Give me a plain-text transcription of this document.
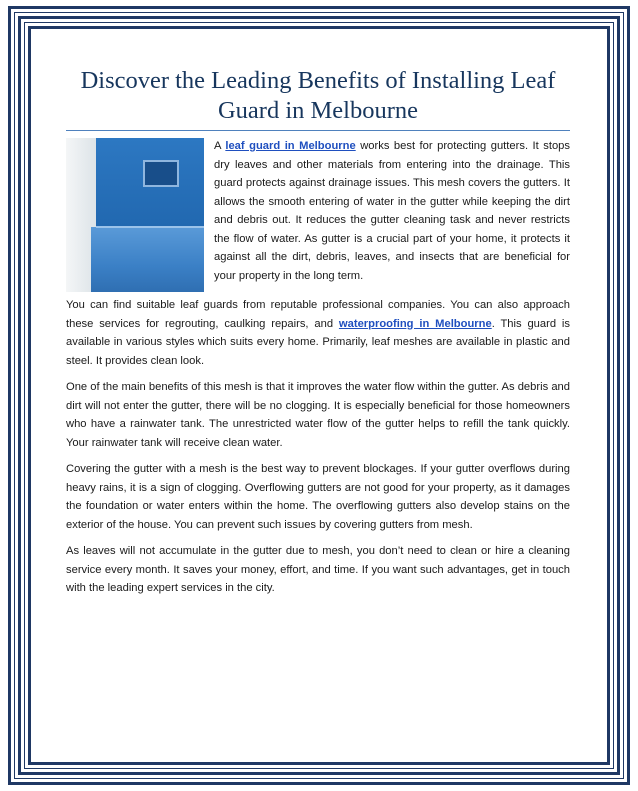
Discover the Leading Benefits of Installing Leaf Guard in Melbourne

A leaf guard in Melbourne works best for protecting gutters. It stops dry leaves and other materials from entering into the drainage. This guard protects against drainage issues. This mesh covers the gutters. It allows the smooth entering of water in the gutter while keeping the dirt and debris out. It reduces the gutter cleaning task and never restricts the flow of water. As gutter is a crucial part of your home, it protects it against all the dirt, debris, leaves, and insects that are beneficial for your property in the long term.

You can find suitable leaf guards from reputable professional companies. You can also approach these services for regrouting, caulking repairs, and waterproofing in Melbourne. This guard is available in various styles which suits every home. Primarily, leaf meshes are available in plastic and steel. It provides clean look.

One of the main benefits of this mesh is that it improves the water flow within the gutter. As debris and dirt will not enter the gutter, there will be no clogging. It is especially beneficial for those homeowners who have a rainwater tank. The unrestricted water flow of the gutter helps to refill the tank quickly. Your rainwater tank will receive clean water.

Covering the gutter with a mesh is the best way to prevent blockages. If your gutter overflows during heavy rains, it is a sign of clogging. Overflowing gutters are not good for your property, as it damages the foundation or water enters within the home. The overflowing gutters also develop stains on the exterior of the house. You can prevent such issues by covering gutters from mesh.

As leaves will not accumulate in the gutter due to mesh, you don’t need to clean or hire a cleaning service every month. It saves your money, effort, and time. If you want such advantages, get in touch with the leading expert services in the city.
